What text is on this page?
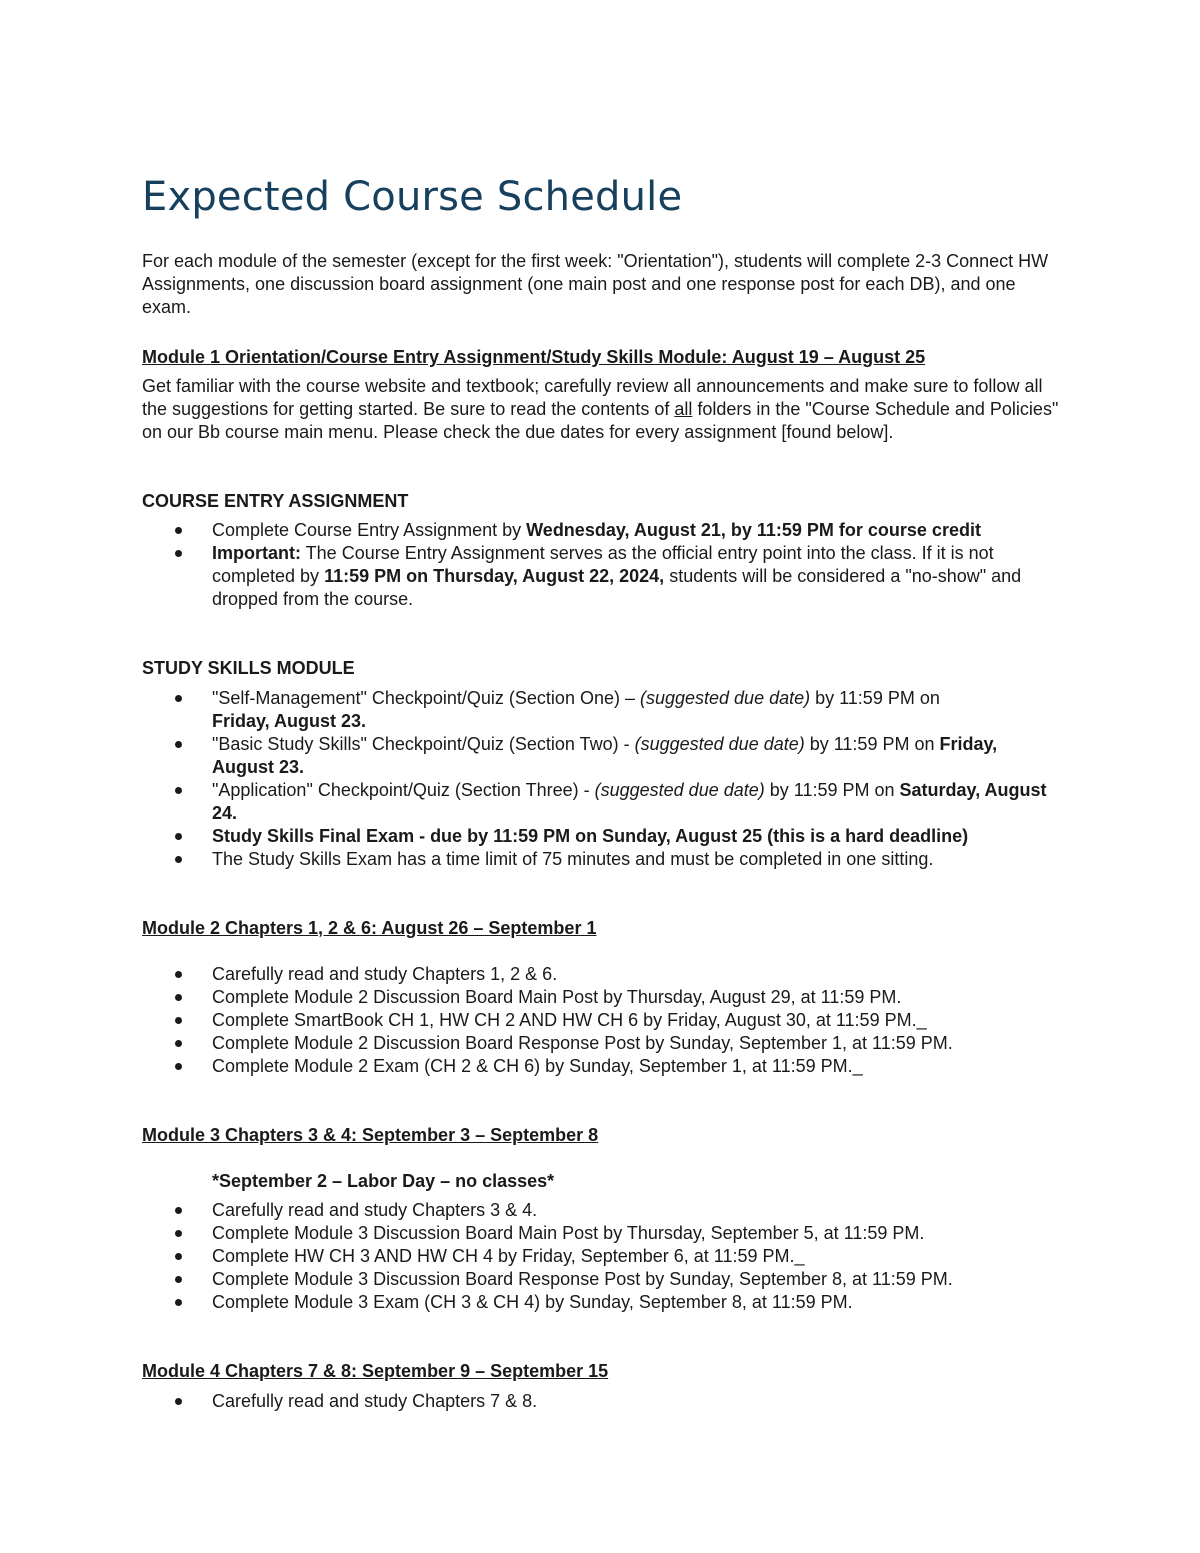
Expected Course Schedule

For each module of the semester (except for the first week: "Orientation"), students will complete 2-3 Connect HW Assignments, one discussion board assignment (one main post and one response post for each DB), and one exam.

Module 1 Orientation/Course Entry Assignment/Study Skills Module: August 19 – August 25

Get familiar with the course website and textbook; carefully review all announcements and make sure to follow all the suggestions for getting started. Be sure to read the contents of all folders in the "Course Schedule and Policies" on our Bb course main menu. Please check the due dates for every assignment [found below].

COURSE ENTRY ASSIGNMENT
Complete Course Entry Assignment by Wednesday, August 21, by 11:59 PM for course credit
Important: The Course Entry Assignment serves as the official entry point into the class. If it is not completed by 11:59 PM on Thursday, August 22, 2024, students will be considered a "no-show" and dropped from the course.
STUDY SKILLS MODULE
"Self-Management" Checkpoint/Quiz (Section One) – (suggested due date) by 11:59 PM on
Friday, August 23.
"Basic Study Skills" Checkpoint/Quiz (Section Two) - (suggested due date) by 11:59 PM on Friday, August 23.
"Application" Checkpoint/Quiz (Section Three) - (suggested due date) by 11:59 PM on Saturday, August 24.
Study Skills Final Exam - due by 11:59 PM on Sunday, August 25 (this is a hard deadline)
The Study Skills Exam has a time limit of 75 minutes and must be completed in one sitting.
Module 2 Chapters 1, 2 & 6: August 26 – September 1
Carefully read and study Chapters 1, 2 & 6.
Complete Module 2 Discussion Board Main Post by Thursday, August 29, at 11:59 PM.
Complete SmartBook CH 1, HW CH 2 AND HW CH 6 by Friday, August 30, at 11:59 PM._
Complete Module 2 Discussion Board Response Post by Sunday, September 1, at 11:59 PM.
Complete Module 2 Exam (CH 2 & CH 6) by Sunday, September 1, at 11:59 PM._
Module 3 Chapters 3 & 4: September 3 – September 8
*September 2 – Labor Day – no classes*
Carefully read and study Chapters 3 & 4.
Complete Module 3 Discussion Board Main Post by Thursday, September 5, at 11:59 PM.
Complete HW CH 3 AND HW CH 4 by Friday, September 6, at 11:59 PM._
Complete Module 3 Discussion Board Response Post by Sunday, September 8, at 11:59 PM.
Complete Module 3 Exam (CH 3 & CH 4) by Sunday, September 8, at 11:59 PM.
Module 4 Chapters 7 & 8: September 9 – September 15
Carefully read and study Chapters 7 & 8.
